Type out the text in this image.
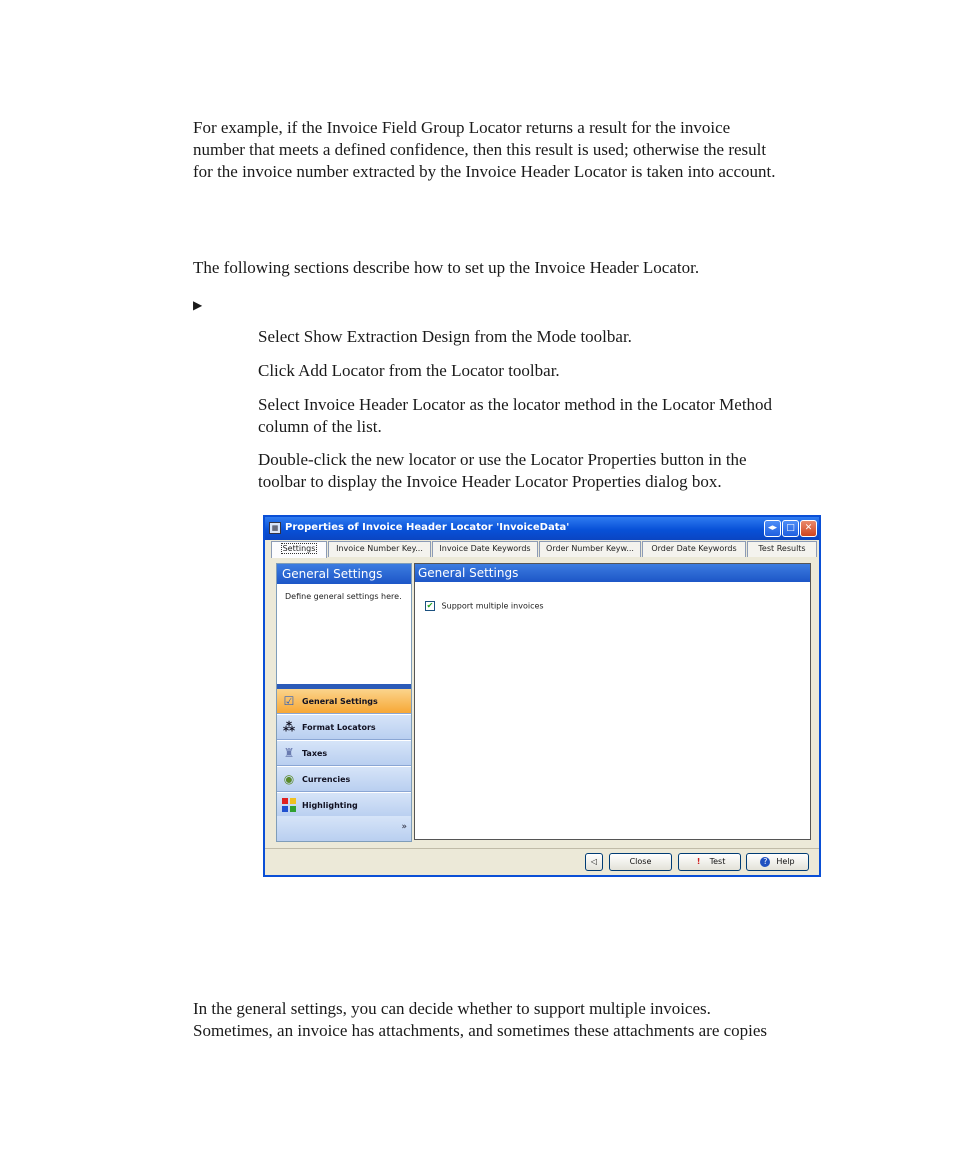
For example, if the Invoice Field Group Locator returns a result for the invoice
number that meets a defined confidence, then this result is used; otherwise the result
for the invoice number extracted by the Invoice Header Locator is taken into account.
The following sections describe how to set up the Invoice Header Locator.
▶
Select Show Extraction Design from the Mode toolbar.
Click Add Locator from the Locator toolbar.
Select Invoice Header Locator as the locator method in the Locator Method
column of the list.
Double-click the new locator or use the Locator Properties button in the
toolbar to display the Invoice Header Locator Properties dialog box.
▦ Properties of Invoice Header Locator 'InvoiceData'	◂▸	□	✕
Settings	Invoice Number Key...	Invoice Date Keywords	Order Number Keyw...	Order Date Keywords	Test Results
General Settings
Define general settings here.
☑ General Settings
⁂ Format Locators
♜ Taxes
◉ Currencies
Highlighting
»
General Settings
✔ Support multiple invoices
◁	Close	! Test	? Help
In the general settings, you can decide whether to support multiple invoices.
Sometimes, an invoice has attachments, and sometimes these attachments are copies
